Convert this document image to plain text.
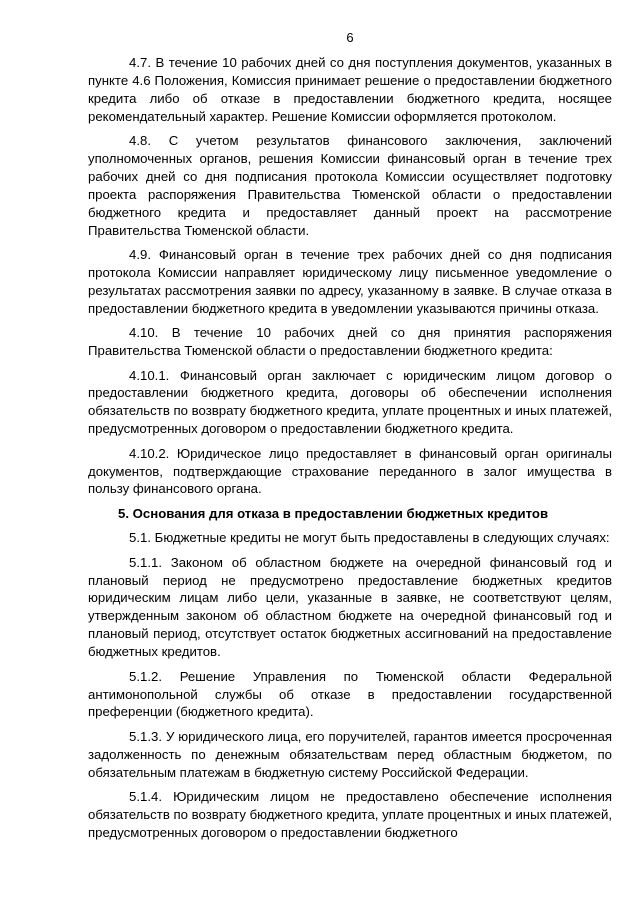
6

4.7. В течение 10 рабочих дней со дня поступления документов, указанных в пункте 4.6 Положения, Комиссия принимает решение о предоставлении бюджетного кредита либо об отказе в предоставлении бюджетного кредита, носящее рекомендательный характер. Решение Комиссии оформляется протоколом.

4.8. С учетом результатов финансового заключения, заключений уполномоченных органов, решения Комиссии финансовый орган в течение трех рабочих дней со дня подписания протокола Комиссии осуществляет подготовку проекта распоряжения Правительства Тюменской области о предоставлении бюджетного кредита и предоставляет данный проект на рассмотрение Правительства Тюменской области.

4.9. Финансовый орган в течение трех рабочих дней со дня подписания протокола Комиссии направляет юридическому лицу письменное уведомление о результатах рассмотрения заявки по адресу, указанному в заявке. В случае отказа в предоставлении бюджетного кредита в уведомлении указываются причины отказа.

4.10. В течение 10 рабочих дней со дня принятия распоряжения Правительства Тюменской области о предоставлении бюджетного кредита:

4.10.1. Финансовый орган заключает с юридическим лицом договор о предоставлении бюджетного кредита, договоры об обеспечении исполнения обязательств по возврату бюджетного кредита, уплате процентных и иных платежей, предусмотренных договором о предоставлении бюджетного кредита.

4.10.2. Юридическое лицо предоставляет в финансовый орган оригиналы документов, подтверждающие страхование переданного в залог имущества в пользу финансового органа.

5. Основания для отказа в предоставлении бюджетных кредитов

5.1. Бюджетные кредиты не могут быть предоставлены в следующих случаях:

5.1.1. Законом об областном бюджете на очередной финансовый год и плановый период не предусмотрено предоставление бюджетных кредитов юридическим лицам либо цели, указанные в заявке, не соответствуют целям, утвержденным законом об областном бюджете на очередной финансовый год и плановый период, отсутствует остаток бюджетных ассигнований на предоставление бюджетных кредитов.

5.1.2. Решение Управления по Тюменской области Федеральной антимонопольной службы об отказе в предоставлении государственной преференции (бюджетного кредита).

5.1.3. У юридического лица, его поручителей, гарантов имеется просроченная задолженность по денежным обязательствам перед областным бюджетом, по обязательным платежам в бюджетную систему Российской Федерации.

5.1.4. Юридическим лицом не предоставлено обеспечение исполнения обязательств по возврату бюджетного кредита, уплате процентных и иных платежей, предусмотренных договором о предоставлении бюджетного
